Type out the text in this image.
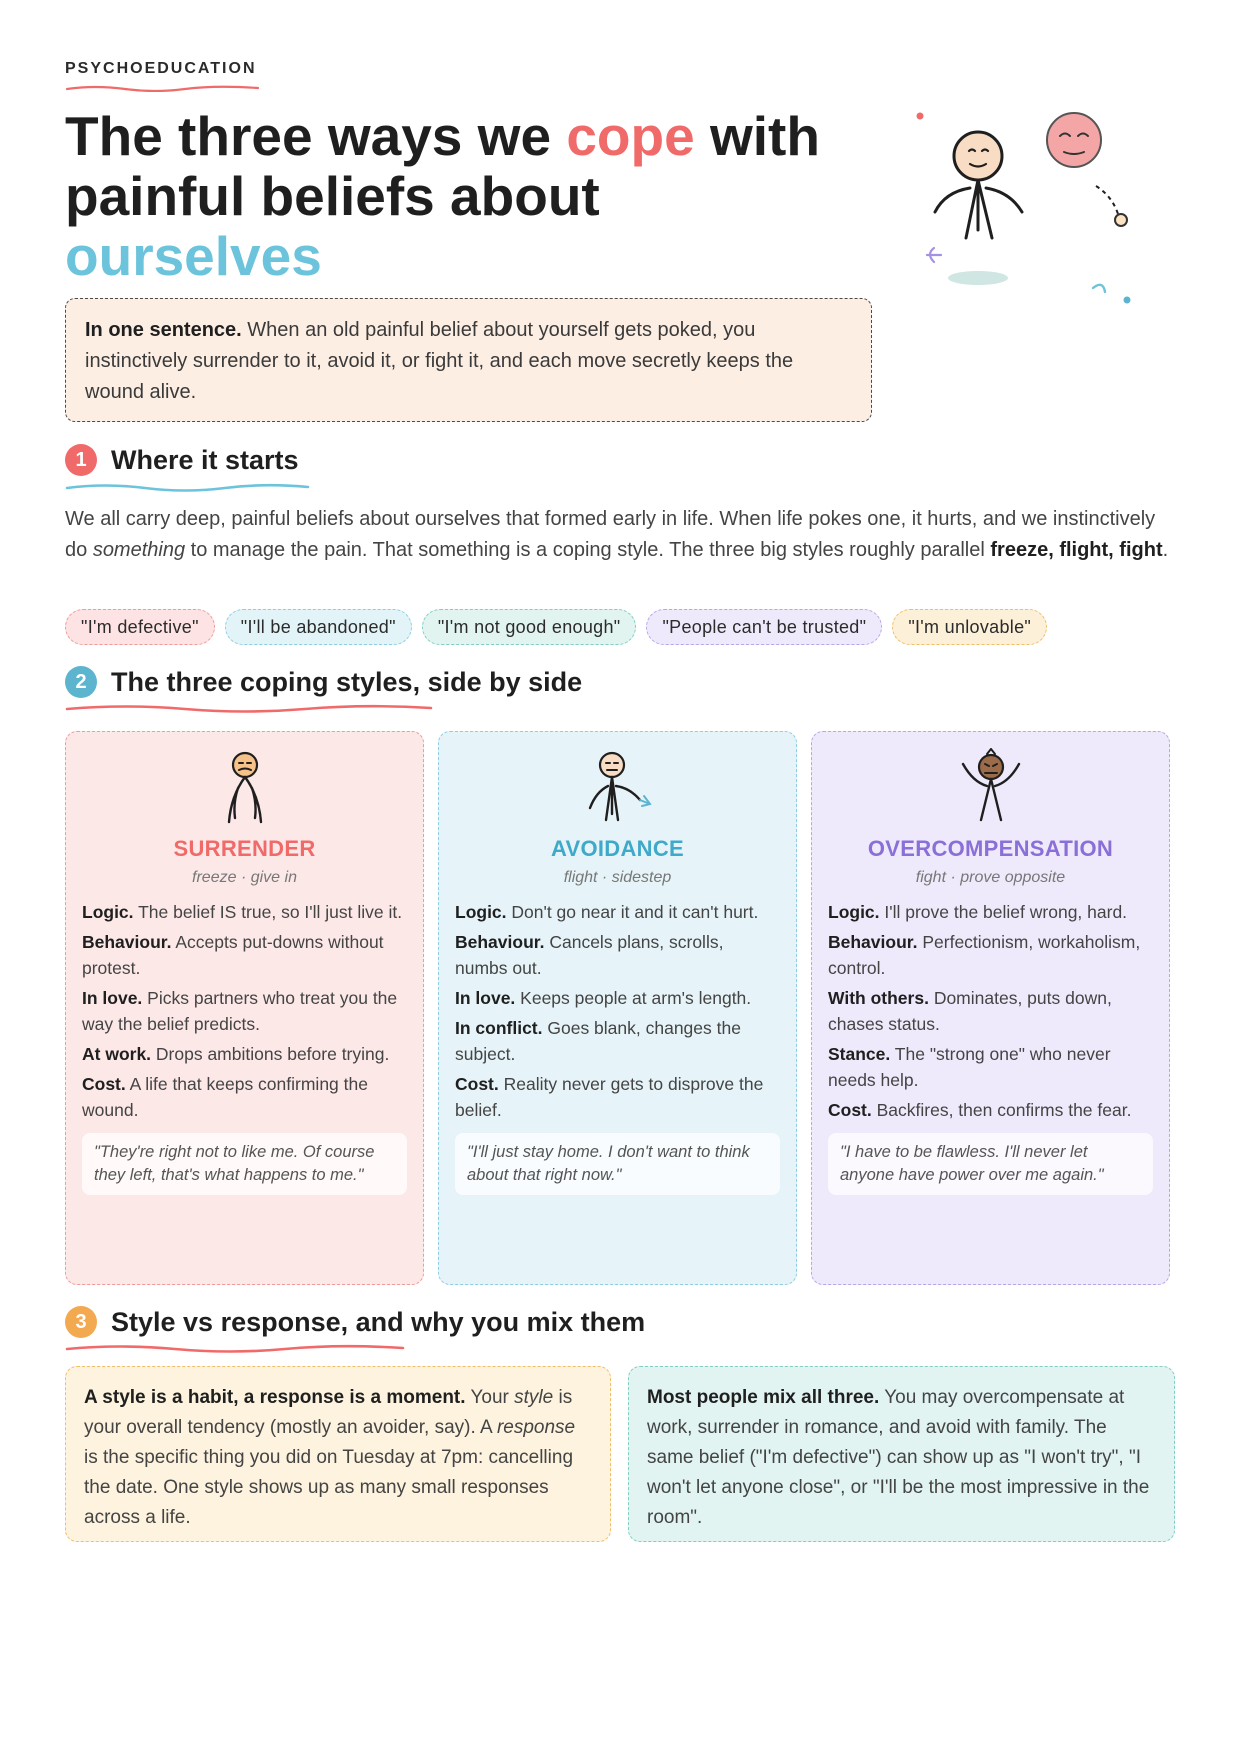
PSYCHOEDUCATION
The three ways we cope with painful beliefs about ourselves
In one sentence. When an old painful belief about yourself gets poked, you instinctively surrender to it, avoid it, or fight it, and each move secretly keeps the wound alive.
1 Where it starts

We all carry deep, painful beliefs about ourselves that formed early in life. When life pokes one, it hurts, and we instinctively do something to manage the pain. That something is a coping style. The three big styles roughly parallel freeze, flight, fight.

"I'm defective"	"I'll be abandoned"	"I'm not good enough"	"People can't be trusted"	"I'm unlovable"
2 The three coping styles, side by side
SURRENDER
freeze · give in
Logic. The belief IS true, so I'll just live it.
Behaviour. Accepts put-downs without protest.
In love. Picks partners who treat you the way the belief predicts.
At work. Drops ambitions before trying.
Cost. A life that keeps confirming the wound.
"They're right not to like me. Of course they left, that's what happens to me."
AVOIDANCE
flight · sidestep
Logic. Don't go near it and it can't hurt.
Behaviour. Cancels plans, scrolls, numbs out.
In love. Keeps people at arm's length.
In conflict. Goes blank, changes the subject.
Cost. Reality never gets to disprove the belief.
"I'll just stay home. I don't want to think about that right now."
OVERCOMPENSATION
fight · prove opposite
Logic. I'll prove the belief wrong, hard.
Behaviour. Perfectionism, workaholism, control.
With others. Dominates, puts down, chases status.
Stance. The "strong one" who never needs help.
Cost. Backfires, then confirms the fear.
"I have to be flawless. I'll never let anyone have power over me again."
3 Style vs response, and why you mix them
A style is a habit, a response is a moment. Your style is your overall tendency (mostly an avoider, say). A response is the specific thing you did on Tuesday at 7pm: cancelling the date. One style shows up as many small responses across a life.
Most people mix all three. You may overcompensate at work, surrender in romance, and avoid with family. The same belief ("I'm defective") can show up as "I won't try", "I won't let anyone close", or "I'll be the most impressive in the room".
